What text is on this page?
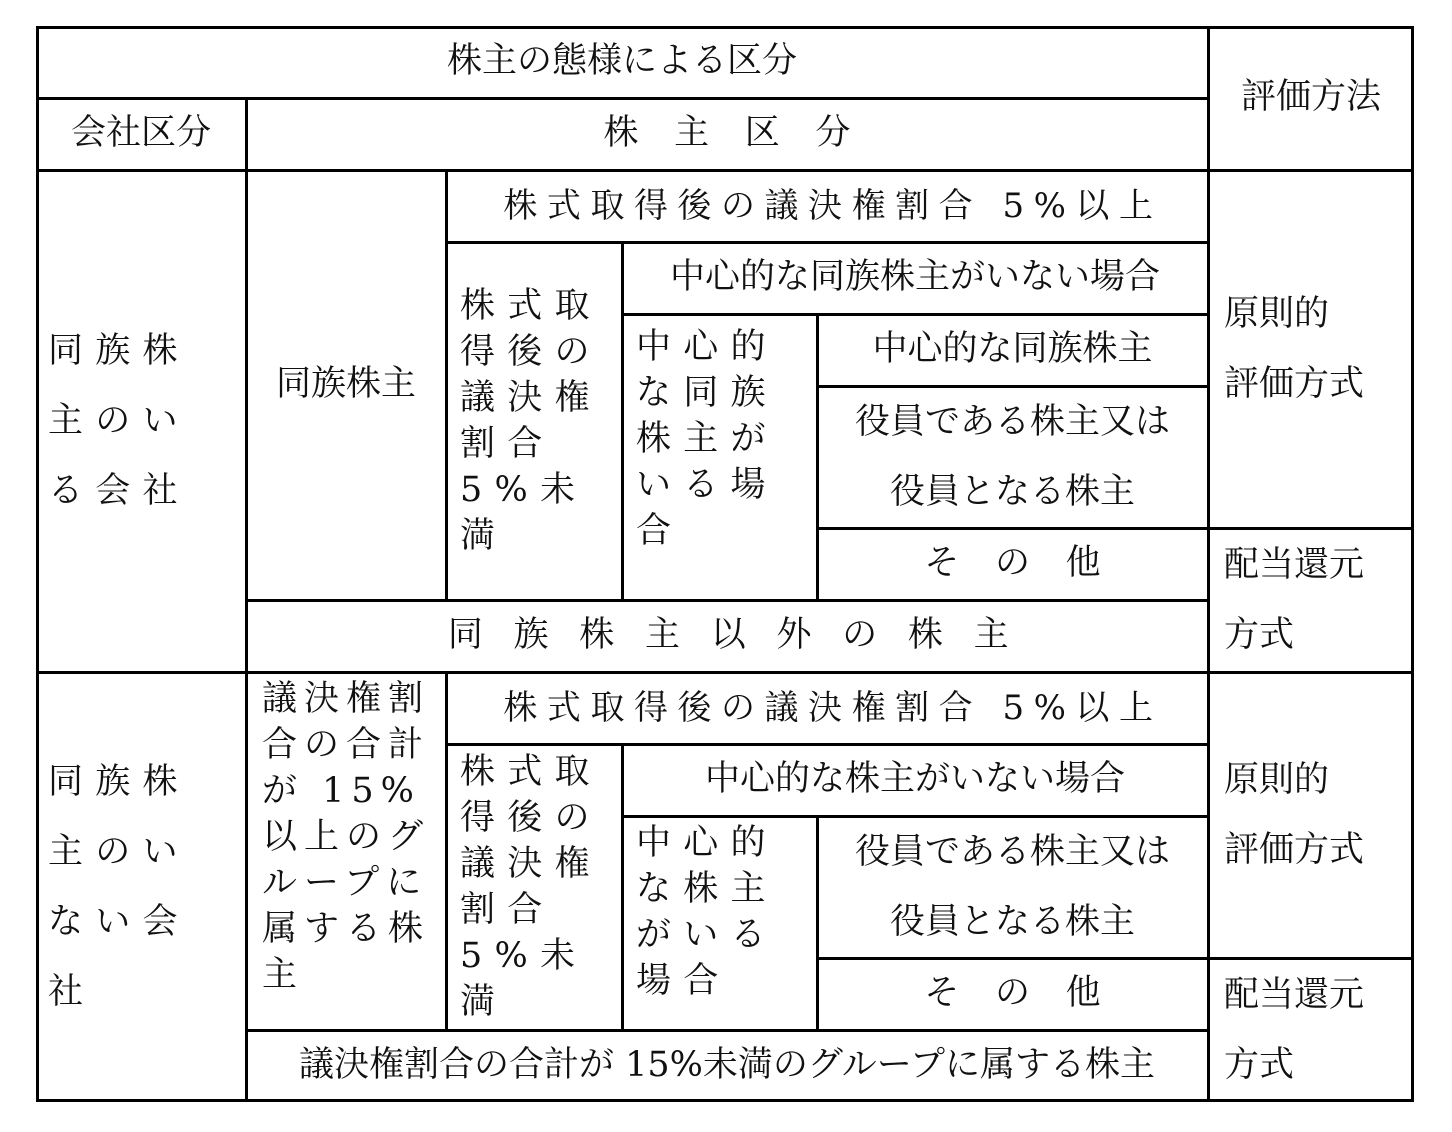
株主の態様による区分
評価方法
会社区分	株 主 区 分
同族株主のいる会社
同族株主
株式取得後の議決権割合 5%以上
株式取得後の議決権割合5%未満
中心的な同族株主がいない場合
中心的な同族株主がいる場合
中心的な同族株主
役員である株主又は
役員となる株主
そ の 他
同 族 株 主 以 外 の 株 主
原則的
評価方式
配当還元
方式
同族株主のいない会社
議決権割合の合計が 15%以上のグループに属する株主
株式取得後の議決権割合 5%以上
株式取得後の議決権割合 5%未満
中心的な株主がいない場合
中心的な株主がいる場合
役員である株主又は
役員となる株主
そ の 他
議決権割合の合計が 15%未満のグループに属する株主
原則的
評価方式
配当還元
方式
